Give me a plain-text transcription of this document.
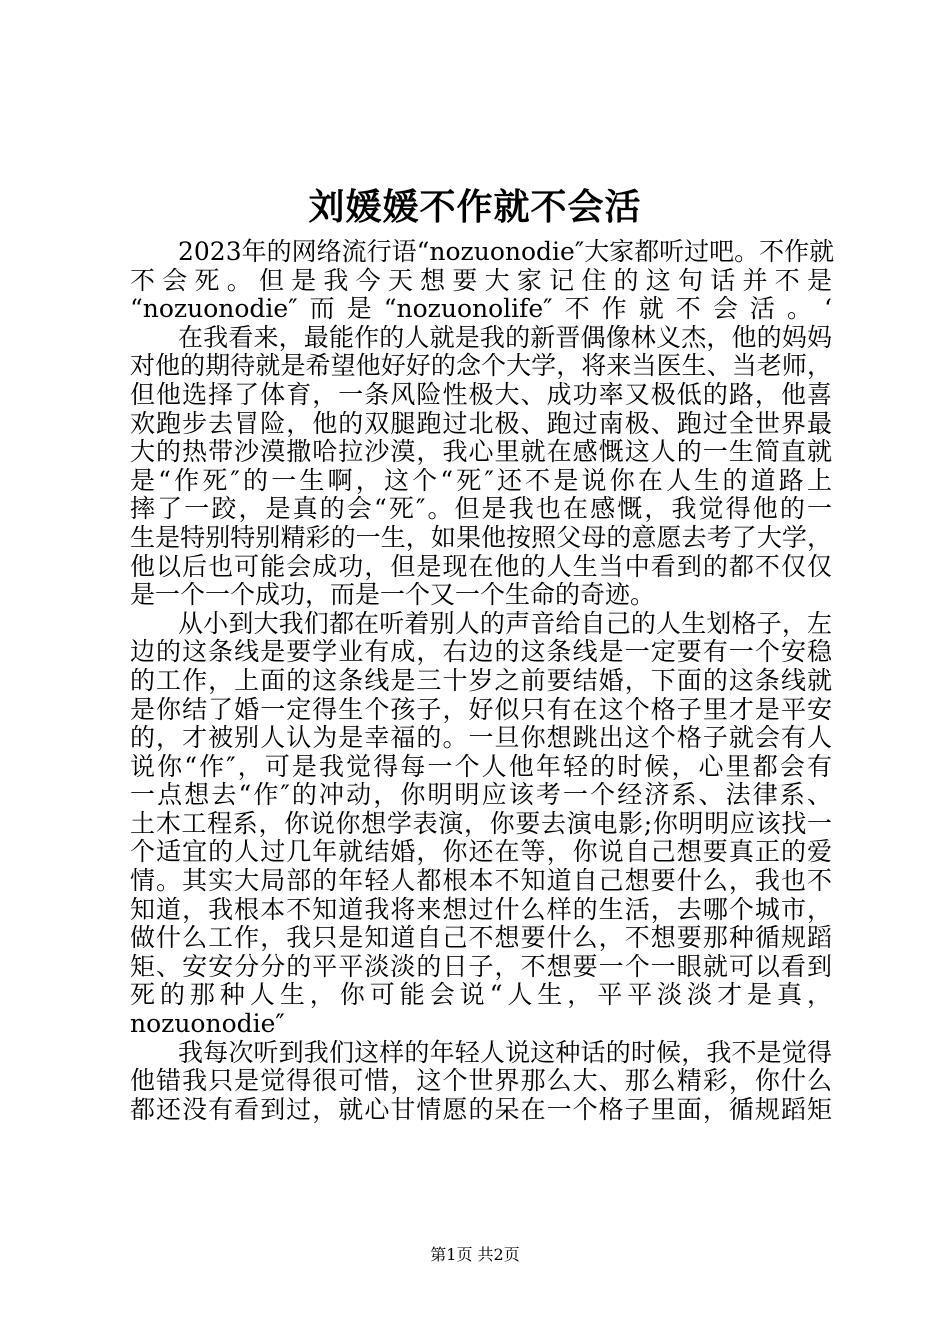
刘媛媛不作就不会活
2023年的网络流行语“nozuonodie″大家都听过吧。不作就
不会死。但是我今天想要大家记住的这句话并不是
“nozuonodie″而是“nozuonolife″不作就不会活。‘
在我看来，最能作的人就是我的新晋偶像林义杰，他的妈妈
对他的期待就是希望他好好的念个大学，将来当医生、当老师，
但他选择了体育，一条风险性极大、成功率又极低的路，他喜
欢跑步去冒险，他的双腿跑过北极、跑过南极、跑过全世界最
大的热带沙漠撒哈拉沙漠，我心里就在感慨这人的一生简直就
是“作死″的一生啊，这个“死″还不是说你在人生的道路上
摔了一跤，是真的会“死″。但是我也在感慨，我觉得他的一
生是特别特别精彩的一生，如果他按照父母的意愿去考了大学，
他以后也可能会成功，但是现在他的人生当中看到的都不仅仅
是一个一个成功，而是一个又一个生命的奇迹。
从小到大我们都在听着别人的声音给自己的人生划格子，左
边的这条线是要学业有成，右边的这条线是一定要有一个安稳
的工作，上面的这条线是三十岁之前要结婚，下面的这条线就
是你结了婚一定得生个孩子，好似只有在这个格子里才是平安
的，才被别人认为是幸福的。一旦你想跳出这个格子就会有人
说你“作″，可是我觉得每一个人他年轻的时候，心里都会有
一点想去“作″的冲动，你明明应该考一个经济系、法律系、
土木工程系，你说你想学表演，你要去演电影;你明明应该找一
个适宜的人过几年就结婚，你还在等，你说自己想要真正的爱
情。其实大局部的年轻人都根本不知道自己想要什么，我也不
知道，我根本不知道我将来想过什么样的生活，去哪个城市，
做什么工作，我只是知道自己不想要什么，不想要那种循规蹈
矩、安安分分的平平淡淡的日子，不想要一个一眼就可以看到
死的那种人生，你可能会说“人生，平平淡淡才是真，
nozuonodie″
我每次听到我们这样的年轻人说这种话的时候，我不是觉得
他错我只是觉得很可惜，这个世界那么大、那么精彩，你什么
都还没有看到过，就心甘情愿的呆在一个格子里面，循规蹈矩
第1页 共2页
